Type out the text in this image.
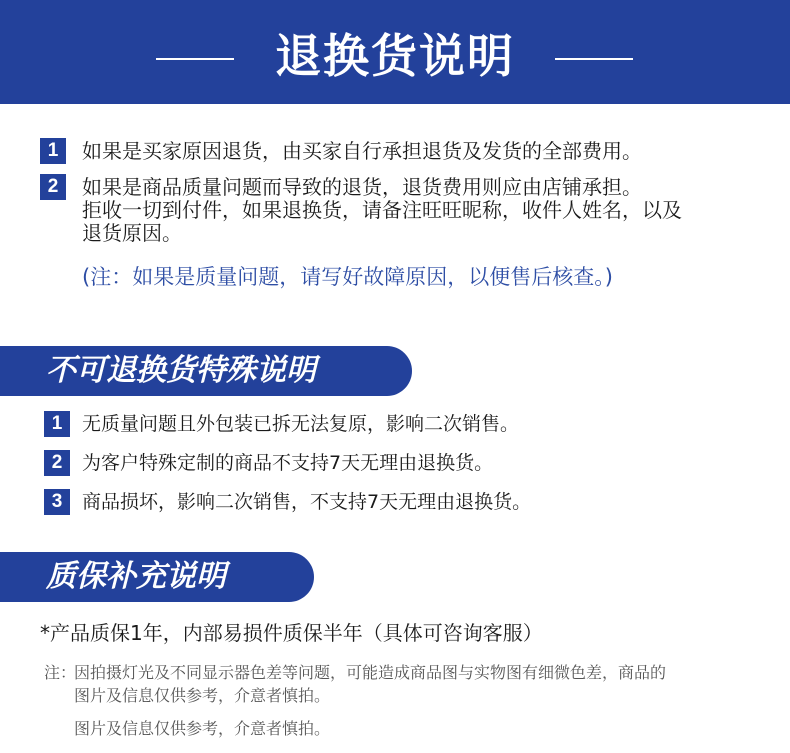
退换货说明
1	如果是买家原因退货，由买家自行承担退货及发货的全部费用。
2	如果是商品质量问题而导致的退货，退货费用则应由店铺承担。
拒收一切到付件，如果退换货，请备注旺旺昵称，收件人姓名，以及
退货原因。
(注：如果是质量问题，请写好故障原因，以便售后核查。)
不可退换货特殊说明
1	无质量问题且外包装已拆无法复原，影响二次销售。
2	为客户特殊定制的商品不支持7天无理由退换货。
3	商品损坏，影响二次销售，不支持7天无理由退换货。
质保补充说明
*产品质保1年，内部易损件质保半年（具体可咨询客服）
注：
因拍摄灯光及不同显示器色差等问题，可能造成商品图与实物图有细微色差，商品的
图片及信息仅供参考，介意者慎拍。
图片及信息仅供参考，介意者慎拍。
